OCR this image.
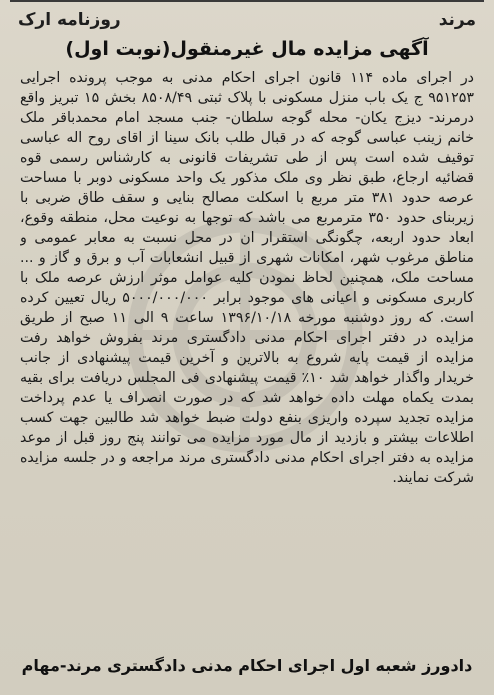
مرند
روزنامه ارک
آگهی مزایده مال غیرمنقول(نوبت اول)
در اجرای ماده ۱۱۴ قانون اجرای احکام مدنی به موجب پرونده اجرایی ۹۵۱۲۵۳ ج یک باب منزل مسکونی با پلاک ثبتی ۸۵۰۸/۴۹ بخش ۱۵ تبریز واقع درمرند- دیزج یکان- محله گوجه سلطان- جنب مسجد امام محمدباقر ملک خانم زینب عباسی گوجه که در قبال طلب بانک سینا از اقای روح اله عباسی توقیف شده است پس از طی تشریفات قانونی به کارشناس رسمی قوه قضائیه ارجاع، طبق نظر وی ملک مذکور یک واحد مسکونی دوبر با مساحت عرصه حدود ۳۸۱ متر مربع با اسکلت مصالح بنایی و سقف طاق ضربی با زیربنای حدود ۳۵۰ مترمربع می باشد که توجها به نوعیت محل، منطقه وقوع، ابعاد حدود اربعه، چگونگی استقرار ان در محل نسبت به معابر عمومی و مناطق مرغوب شهر، امکانات شهری از قبیل انشعابات آب و برق و گاز و ... مساحت ملک، همچنین لحاظ نمودن کلیه عوامل موثر ارزش عرصه ملک با کاربری مسکونی و اعیانی های موجود برابر ۵۰۰۰/۰۰۰/۰۰۰ ریال تعیین کرده است. که روز دوشنبه مورخه ۱۳۹۶/۱۰/۱۸ ساعت ۹ الی ۱۱ صبح از طریق مزایده در دفتر اجرای احکام مدنی دادگستری مرند بفروش خواهد رفت مزایده از قیمت پایه شروع به بالاترین و آخرین قیمت پیشنهادی از جانب خریدار واگذار خواهد شد ۱۰٪ قیمت پیشنهادی فی المجلس دریافت برای بقیه بمدت یکماه مهلت داده خواهد شد که در صورت انصراف یا عدم پرداخت مزایده تجدید سپرده واریزی بنفع دولت ضبط خواهد شد طالبین جهت کسب اطلاعات بیشتر و بازدید از مال مورد مزایده می توانند پنج روز قبل از موعد مزایده به دفتر اجرای احکام مدنی دادگستری مرند مراجعه و در جلسه مزایده شرکت نمایند.
دادورز شعبه اول اجرای احکام مدنی دادگستری مرند-مهام
